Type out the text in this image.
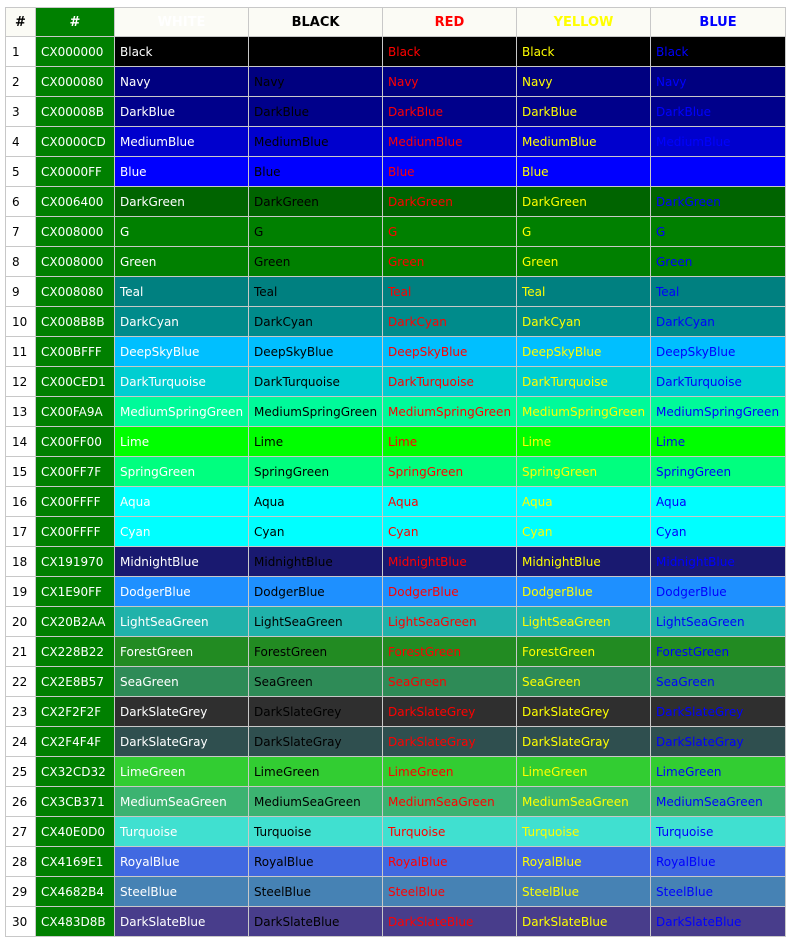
#	#	WHITE	BLACK	RED	YELLOW	BLUE
1	CX000000	Black	Black	Black	Black	Black
2	CX000080	Navy	Navy	Navy	Navy	Navy
3	CX00008B	DarkBlue	DarkBlue	DarkBlue	DarkBlue	DarkBlue
4	CX0000CD	MediumBlue	MediumBlue	MediumBlue	MediumBlue	MediumBlue
5	CX0000FF	Blue	Blue	Blue	Blue	Blue
6	CX006400	DarkGreen	DarkGreen	DarkGreen	DarkGreen	DarkGreen
7	CX008000	G	G	G	G	G
8	CX008000	Green	Green	Green	Green	Green
9	CX008080	Teal	Teal	Teal	Teal	Teal
10	CX008B8B	DarkCyan	DarkCyan	DarkCyan	DarkCyan	DarkCyan
11	CX00BFFF	DeepSkyBlue	DeepSkyBlue	DeepSkyBlue	DeepSkyBlue	DeepSkyBlue
12	CX00CED1	DarkTurquoise	DarkTurquoise	DarkTurquoise	DarkTurquoise	DarkTurquoise
13	CX00FA9A	MediumSpringGreen	MediumSpringGreen	MediumSpringGreen	MediumSpringGreen	MediumSpringGreen
14	CX00FF00	Lime	Lime	Lime	Lime	Lime
15	CX00FF7F	SpringGreen	SpringGreen	SpringGreen	SpringGreen	SpringGreen
16	CX00FFFF	Aqua	Aqua	Aqua	Aqua	Aqua
17	CX00FFFF	Cyan	Cyan	Cyan	Cyan	Cyan
18	CX191970	MidnightBlue	MidnightBlue	MidnightBlue	MidnightBlue	MidnightBlue
19	CX1E90FF	DodgerBlue	DodgerBlue	DodgerBlue	DodgerBlue	DodgerBlue
20	CX20B2AA	LightSeaGreen	LightSeaGreen	LightSeaGreen	LightSeaGreen	LightSeaGreen
21	CX228B22	ForestGreen	ForestGreen	ForestGreen	ForestGreen	ForestGreen
22	CX2E8B57	SeaGreen	SeaGreen	SeaGreen	SeaGreen	SeaGreen
23	CX2F2F2F	DarkSlateGrey	DarkSlateGrey	DarkSlateGrey	DarkSlateGrey	DarkSlateGrey
24	CX2F4F4F	DarkSlateGray	DarkSlateGray	DarkSlateGray	DarkSlateGray	DarkSlateGray
25	CX32CD32	LimeGreen	LimeGreen	LimeGreen	LimeGreen	LimeGreen
26	CX3CB371	MediumSeaGreen	MediumSeaGreen	MediumSeaGreen	MediumSeaGreen	MediumSeaGreen
27	CX40E0D0	Turquoise	Turquoise	Turquoise	Turquoise	Turquoise
28	CX4169E1	RoyalBlue	RoyalBlue	RoyalBlue	RoyalBlue	RoyalBlue
29	CX4682B4	SteelBlue	SteelBlue	SteelBlue	SteelBlue	SteelBlue
30	CX483D8B	DarkSlateBlue	DarkSlateBlue	DarkSlateBlue	DarkSlateBlue	DarkSlateBlue
